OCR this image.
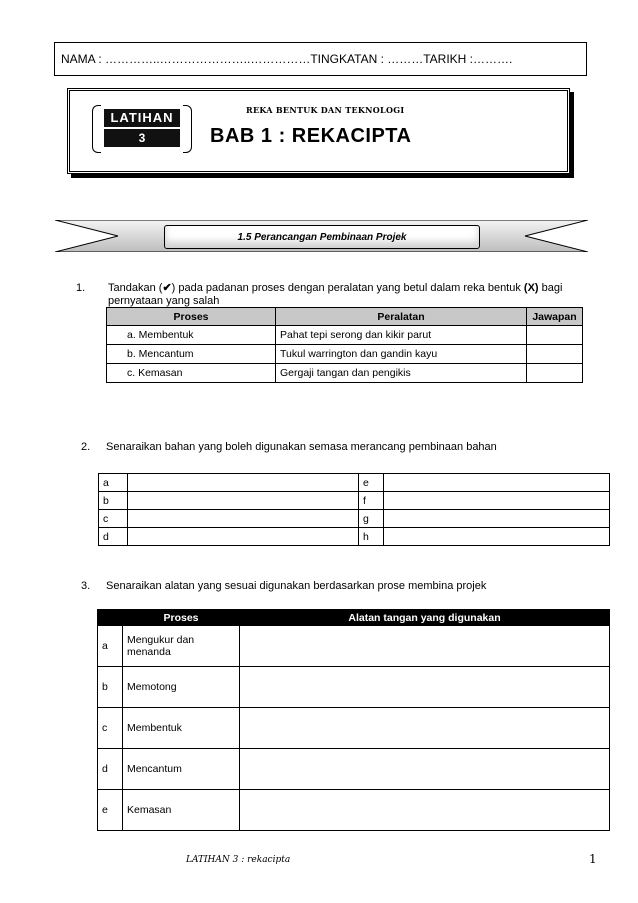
NAMA : …………..…………………..……………TINGKATAN : ………TARIKH :……….
LATIHAN
3
REKA BENTUK DAN TEKNOLOGI
BAB 1 : REKACIPTA
1.5 Perancangan Pembinaan Projek
1. Tandakan (✔) pada padanan proses dengan peralatan yang betul dalam reka bentuk (X) bagi pernyataan yang salah
Proses	Peralatan	Jawapan
a. Membentuk	Pahat tepi serong dan kikir parut	
b. Mencantum	Tukul warrington dan gandin kayu	
c. Kemasan	Gergaji tangan dan pengikis	
2. Senaraikan bahan yang boleh digunakan semasa merancang pembinaan bahan
a		e	
b		f	
c		g	
d		h	
3. Senaraikan alatan yang sesuai digunakan berdasarkan prose membina projek
	Proses	Alatan tangan yang digunakan
a	Mengukur dan menanda	
b	Memotong	
c	Membentuk	
d	Mencantum	
e	Kemasan	
LATIHAN 3 : rekacipta	1
